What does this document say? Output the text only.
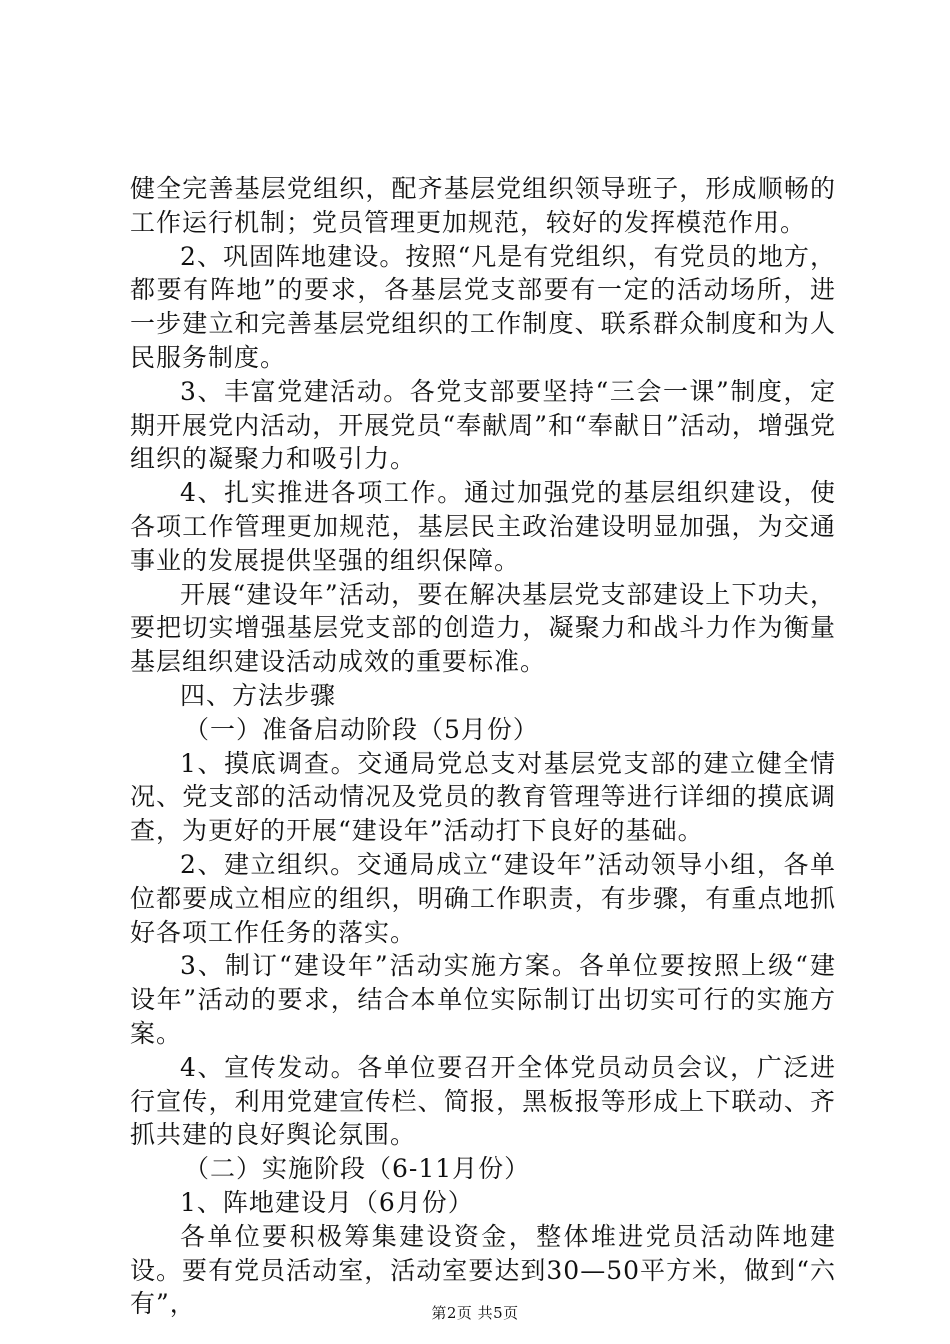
健全完善基层党组织，配齐基层党组织领导班子，形成顺畅的工作运行机制；党员管理更加规范，较好的发挥模范作用。

2、巩固阵地建设。按照“凡是有党组织，有党员的地方，都要有阵地”的要求，各基层党支部要有一定的活动场所，进一步建立和完善基层党组织的工作制度、联系群众制度和为人民服务制度。

3、丰富党建活动。各党支部要坚持“三会一课”制度，定期开展党内活动，开展党员“奉献周”和“奉献日”活动，增强党组织的凝聚力和吸引力。

4、扎实推进各项工作。通过加强党的基层组织建设，使各项工作管理更加规范，基层民主政治建设明显加强，为交通事业的发展提供坚强的组织保障。

开展“建设年”活动，要在解决基层党支部建设上下功夫，要把切实增强基层党支部的创造力，凝聚力和战斗力作为衡量基层组织建设活动成效的重要标准。

四、方法步骤

（一）准备启动阶段（5月份）

1、摸底调查。交通局党总支对基层党支部的建立健全情况、党支部的活动情况及党员的教育管理等进行详细的摸底调查，为更好的开展“建设年”活动打下良好的基础。

2、建立组织。交通局成立“建设年”活动领导小组，各单位都要成立相应的组织，明确工作职责，有步骤，有重点地抓好各项工作任务的落实。

3、制订“建设年”活动实施方案。各单位要按照上级“建设年”活动的要求，结合本单位实际制订出切实可行的实施方案。

4、宣传发动。各单位要召开全体党员动员会议，广泛进行宣传，利用党建宣传栏、简报，黑板报等形成上下联动、齐抓共建的良好舆论氛围。

（二）实施阶段（6-11月份）

1、阵地建设月（6月份）

各单位要积极筹集建设资金，整体堆进党员活动阵地建设。要有党员活动室，活动室要达到30—50平方米，做到“六有”，	第2页 共5页
